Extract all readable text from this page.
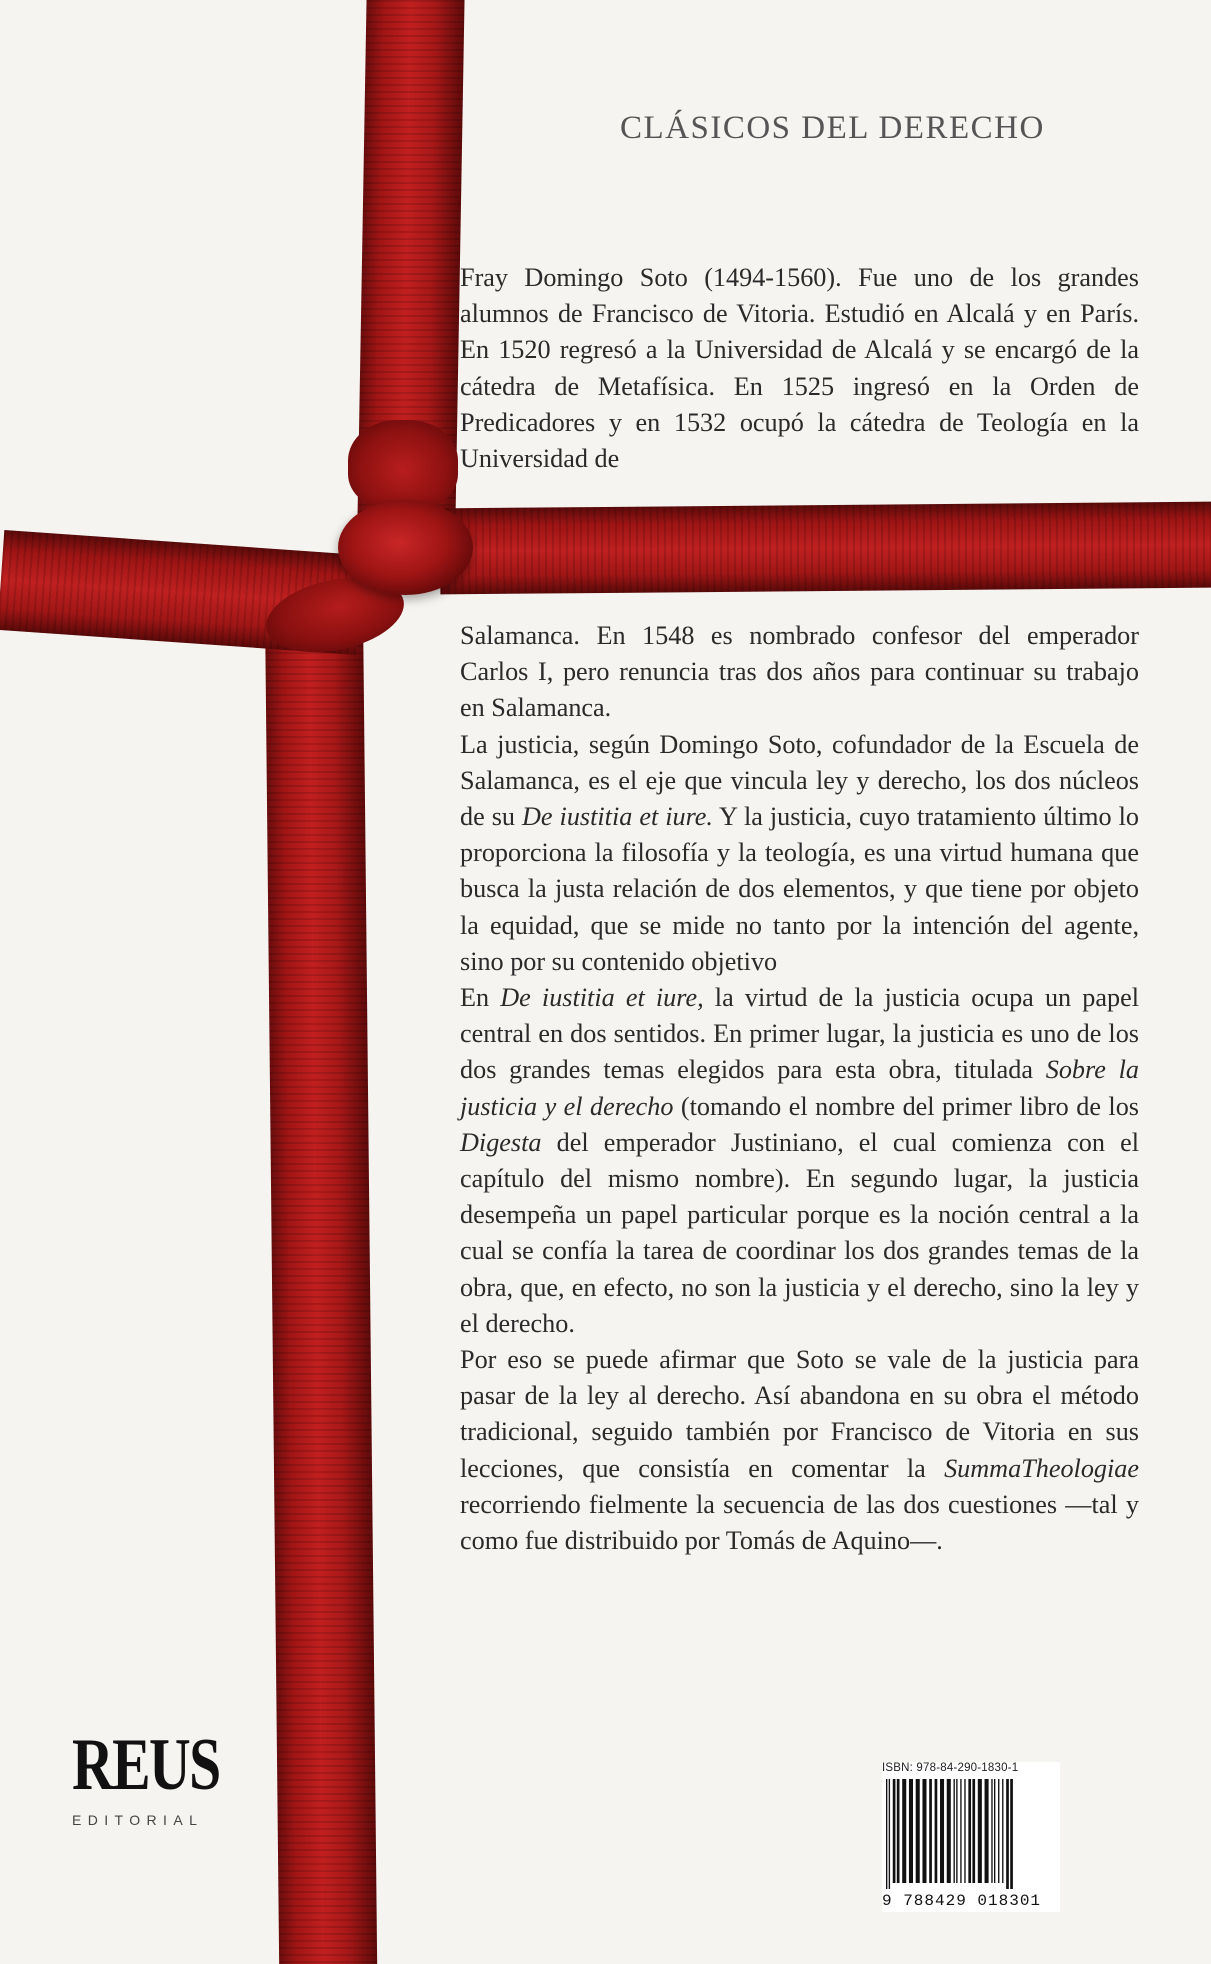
CLÁSICOS DEL DERECHO

Fray Domingo Soto (1494-1560). Fue uno de los grandes alumnos de Francisco de Vitoria. Estudió en Alcalá y en París. En 1520 regresó a la Universidad de Alcalá y se encargó de la cátedra de Metafísica. En 1525 ingresó en la Orden de Predicadores y en 1532 ocupó la cátedra de Teología en la Universidad de

Salamanca. En 1548 es nombrado confesor del emperador Carlos I, pero renuncia tras dos años para continuar su trabajo en Salamanca.

La justicia, según Domingo Soto, cofundador de la Escuela de Salamanca, es el eje que vincula ley y derecho, los dos núcleos de su De iustitia et iure. Y la justicia, cuyo tratamiento último lo proporciona la filosofía y la teología, es una virtud humana que busca la justa relación de dos elementos, y que tiene por objeto la equidad, que se mide no tanto por la intención del agente, sino por su contenido objetivo

En De iustitia et iure, la virtud de la justicia ocupa un papel central en dos sentidos. En primer lugar, la justicia es uno de los dos grandes temas elegidos para esta obra, titulada Sobre la justicia y el derecho (tomando el nombre del primer libro de los Digesta del emperador Justiniano, el cual comienza con el capítulo del mismo nombre). En segundo lugar, la justicia desempeña un papel particular porque es la noción central a la cual se confía la tarea de coordinar los dos grandes temas de la obra, que, en efecto, no son la justicia y el derecho, sino la ley y el derecho.

Por eso se puede afirmar que Soto se vale de la justicia para pasar de la ley al derecho. Así abandona en su obra el método tradicional, seguido también por Francisco de Vitoria en sus lecciones, que consistía en comentar la SummaTheologiae recorriendo fielmente la secuencia de las dos cuestiones —tal y como fue distribuido por Tomás de Aquino—.

REUS
EDITORIAL
ISBN: 978-84-290-1830-1
9 788429 018301
